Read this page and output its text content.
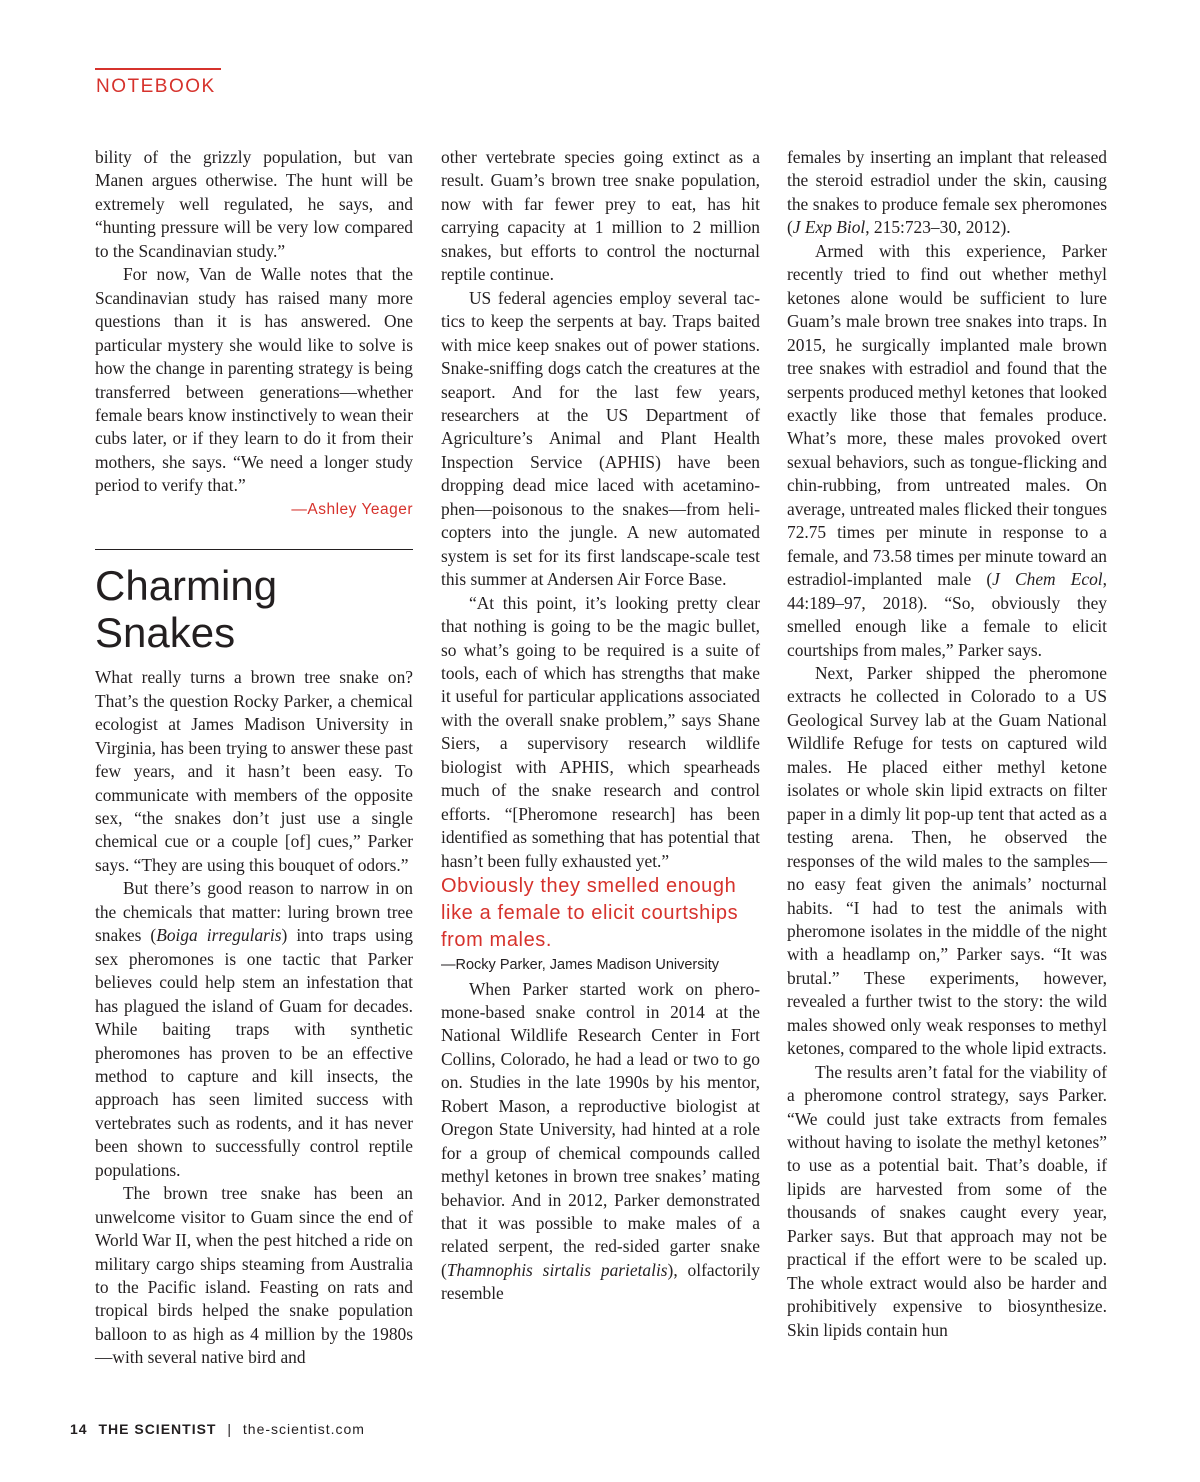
NOTEBOOK

bility of the grizzly population, but van Manen argues otherwise. The hunt will be extremely well regulated, he says, and “hunting pressure will be very low compared to the Scandinavian study.”

For now, Van de Walle notes that the Scandinavian study has raised many more questions than it is has answered. One particular mystery she would like to solve is how the change in parenting strategy is being transferred between generations—whether female bears know instinctively to wean their cubs later, or if they learn to do it from their mothers, she says. “We need a longer study period to verify that.”

—Ashley Yeager
Charming
Snakes

What really turns a brown tree snake on? That’s the question Rocky Parker, a chemical ecologist at James Madison University in Virginia, has been trying to answer these past few years, and it hasn’t been easy. To communicate with members of the opposite sex, “the snakes don’t just use a single chemical cue or a couple [of] cues,” Parker says. “They are using this bouquet of odors.”

But there’s good reason to narrow in on the chemicals that matter: luring brown tree snakes (Boiga irregularis) into traps using sex pheromones is one tactic that Parker believes could help stem an infestation that has plagued the island of Guam for decades. While baiting traps with synthetic pheromones has proven to be an effective method to capture and kill insects, the approach has seen limited success with vertebrates such as rodents, and it has never been shown to successfully control reptile populations.

The brown tree snake has been an unwelcome visitor to Guam since the end of World War II, when the pest hitched a ride on military cargo ships steaming from Australia to the Pacific island. Feasting on rats and tropical birds helped the snake population balloon to as high as 4 million by the 1980s—with several native bird and

other vertebrate species going extinct as a result. Guam’s brown tree snake population, now with far fewer prey to eat, has hit carrying capacity at 1 million to 2 million snakes, but efforts to control the nocturnal reptile continue.

US federal agencies employ several tactics to keep the serpents at bay. Traps baited with mice keep snakes out of power stations. Snake-sniffing dogs catch the creatures at the seaport. And for the last few years, researchers at the US Department of Agriculture’s Animal and Plant Health Inspection Service (APHIS) have been dropping dead mice laced with acetaminophen—poisonous to the snakes—from helicopters into the jungle. A new automated system is set for its first landscape-scale test this summer at Andersen Air Force Base.

“At this point, it’s looking pretty clear that nothing is going to be the magic bullet, so what’s going to be required is a suite of tools, each of which has strengths that make it useful for particular applications associated with the overall snake problem,” says Shane Siers, a supervisory research wildlife biologist with APHIS, which spearheads much of the snake research and control efforts. “[Pheromone research] has been identified as something that has potential that hasn’t been fully exhausted yet.”

Obviously they smelled enough like a female to elicit courtships from males.

—Rocky Parker, James Madison University

When Parker started work on pheromone-based snake control in 2014 at the National Wildlife Research Center in Fort Collins, Colorado, he had a lead or two to go on. Studies in the late 1990s by his mentor, Robert Mason, a reproductive biologist at Oregon State University, had hinted at a role for a group of chemical compounds called methyl ketones in brown tree snakes’ mating behavior. And in 2012, Parker demonstrated that it was possible to make males of a related serpent, the red-sided garter snake (Thamnophis sirtalis parietalis), olfactorily resemble

females by inserting an implant that released the steroid estradiol under the skin, causing the snakes to produce female sex pheromones (J Exp Biol, 215:723–30, 2012).

Armed with this experience, Parker recently tried to find out whether methyl ketones alone would be sufficient to lure Guam’s male brown tree snakes into traps. In 2015, he surgically implanted male brown tree snakes with estradiol and found that the serpents produced methyl ketones that looked exactly like those that females produce. What’s more, these males provoked overt sexual behaviors, such as tongue-flicking and chin-rubbing, from untreated males. On average, untreated males flicked their tongues 72.75 times per minute in response to a female, and 73.58 times per minute toward an estradiol-implanted male (J Chem Ecol, 44:189–97, 2018). “So, obviously they smelled enough like a female to elicit courtships from males,” Parker says.

Next, Parker shipped the pheromone extracts he collected in Colorado to a US Geological Survey lab at the Guam National Wildlife Refuge for tests on captured wild males. He placed either methyl ketone isolates or whole skin lipid extracts on filter paper in a dimly lit pop-up tent that acted as a testing arena. Then, he observed the responses of the wild males to the samples—no easy feat given the animals’ nocturnal habits. “I had to test the animals with pheromone isolates in the middle of the night with a headlamp on,” Parker says. “It was brutal.” These experiments, however, revealed a further twist to the story: the wild males showed only weak responses to methyl ketones, compared to the whole lipid extracts.

The results aren’t fatal for the viability of a pheromone control strategy, says Parker. “We could just take extracts from females without having to isolate the methyl ketones” to use as a potential bait. That’s doable, if lipids are harvested from some of the thousands of snakes caught every year, Parker says. But that approach may not be practical if the effort were to be scaled up. The whole extract would also be harder and prohibitively expensive to biosynthesize. Skin lipids contain hun

14 THE SCIENTIST | the-scientist.com
